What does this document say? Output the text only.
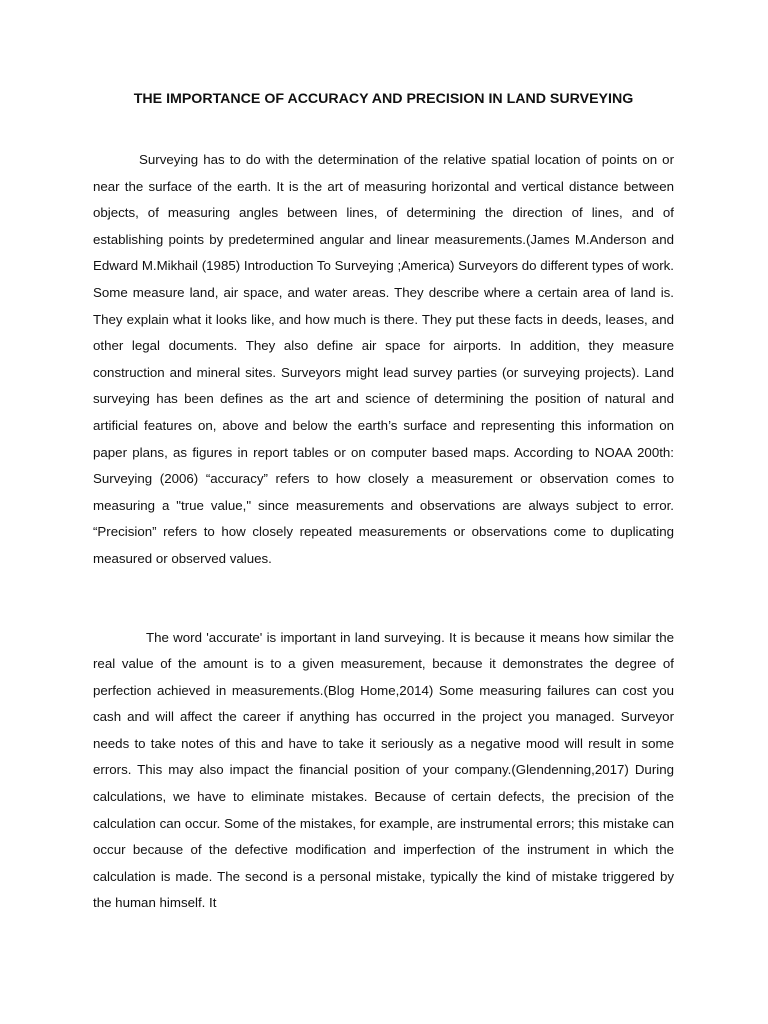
THE IMPORTANCE OF ACCURACY AND PRECISION IN LAND SURVEYING

Surveying has to do with the determination of the relative spatial location of points on or near the surface of the earth. It is the art of measuring horizontal and vertical distance between objects, of measuring angles between lines, of determining the direction of lines, and of establishing points by predetermined angular and linear measurements.(James M.Anderson and Edward M.Mikhail (1985) Introduction To Surveying ;America) Surveyors do different types of work. Some measure land, air space, and water areas. They describe where a certain area of land is. They explain what it looks like, and how much is there. They put these facts in deeds, leases, and other legal documents. They also define air space for airports. In addition, they measure construction and mineral sites. Surveyors might lead survey parties (or surveying projects). Land surveying has been defines as the art and science of determining the position of natural and artificial features on, above and below the earth’s surface and representing this information on paper plans, as figures in report tables or on computer based maps. According to NOAA 200th: Surveying (2006) “accuracy” refers to how closely a measurement or observation comes to measuring a "true value," since measurements and observations are always subject to error. “Precision” refers to how closely repeated measurements or observations come to duplicating measured or observed values.

The word 'accurate' is important in land surveying. It is because it means how similar the real value of the amount is to a given measurement, because it demonstrates the degree of perfection achieved in measurements.(Blog Home,2014) Some measuring failures can cost you cash and will affect the career if anything has occurred in the project you managed. Surveyor needs to take notes of this and have to take it seriously as a negative mood will result in some errors. This may also impact the financial position of your company.(Glendenning,2017) During calculations, we have to eliminate mistakes. Because of certain defects, the precision of the calculation can occur. Some of the mistakes, for example, are instrumental errors; this mistake can occur because of the defective modification and imperfection of the instrument in which the calculation is made. The second is a personal mistake, typically the kind of mistake triggered by the human himself. It
